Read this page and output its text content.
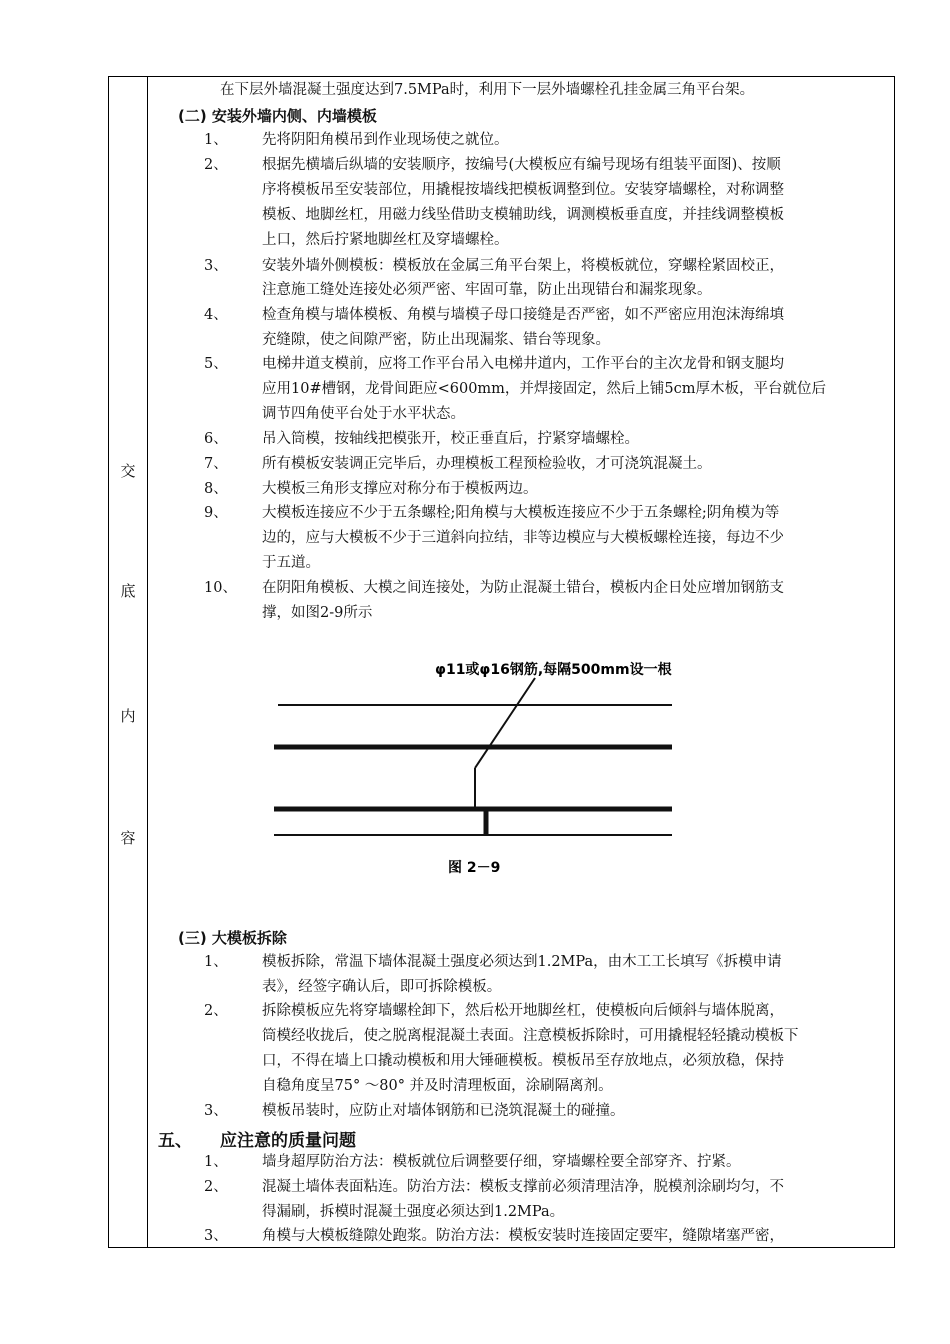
交
底
内
容
在下层外墙混凝土强度达到7.5MPa时，利用下一层外墙螺栓孔挂金属三角平台架。
(二) 安装外墙内侧、内墙模板
1、 先将阴阳角模吊到作业现场使之就位。
2、 根据先横墙后纵墙的安装顺序，按编号(大模板应有编号现场有组装平面图)、按顺
序将模板吊至安装部位，用撬棍按墙线把模板调整到位。安装穿墙螺栓，对称调整
模板、地脚丝杠，用磁力线坠借助支模辅助线，调测模板垂直度，并挂线调整模板
上口，然后拧紧地脚丝杠及穿墙螺栓。
3、 安装外墙外侧模板：模板放在金属三角平台架上，将模板就位，穿螺栓紧固校正，
注意施工缝处连接处必须严密、牢固可靠，防止出现错台和漏浆现象。
4、 检查角模与墙体模板、角模与墙模子母口接缝是否严密，如不严密应用泡沫海绵填
充缝隙，使之间隙严密，防止出现漏浆、错台等现象。
5、 电梯井道支模前，应将工作平台吊入电梯井道内，工作平台的主次龙骨和钢支腿均
应用10#槽钢，龙骨间距应<600mm，并焊接固定，然后上铺5cm厚木板，平台就位后
调节四角使平台处于水平状态。
6、 吊入筒模，按轴线把模张开，校正垂直后，拧紧穿墙螺栓。
7、 所有模板安装调正完毕后，办理模板工程预检验收，才可浇筑混凝土。
8、 大模板三角形支撑应对称分布于模板两边。
9、 大模板连接应不少于五条螺栓;阳角模与大模板连接应不少于五条螺栓;阴角模为等
边的，应与大模板不少于三道斜向拉结，非等边模应与大模板螺栓连接，每边不少
于五道。
10、 在阴阳角模板、大模之间连接处，为防止混凝土错台，模板内企日处应增加钢筋支
撑，如图2-9所示
φ11或φ16钢筋,每隔500mm设一根
图 2－9
(三) 大模板拆除
1、 模板拆除，常温下墙体混凝土强度必须达到1.2MPa，由木工工长填写《拆模申请
表》，经签字确认后，即可拆除模板。
2、 拆除模板应先将穿墙螺栓卸下，然后松开地脚丝杠，使模板向后倾斜与墙体脱离，
筒模经收拢后，使之脱离棍混凝土表面。注意模板拆除时，可用撬棍轻轻撬动模板下
口，不得在墙上口撬动模板和用大锤砸模板。模板吊至存放地点，必须放稳，保持
自稳角度呈75° ～80° 并及时清理板面，涂刷隔离剂。
3、 模板吊装时，应防止对墙体钢筋和已浇筑混凝土的碰撞。
五、 应注意的质量问题
1、 墙身超厚防治方法：模板就位后调整要仔细，穿墙螺栓要全部穿齐、拧紧。
2、 混凝土墙体表面粘连。防治方法：模板支撑前必须清理洁净，脱模剂涂刷均匀，不
得漏刷，拆模时混凝土强度必须达到1.2MPa。
3、 角模与大模板缝隙处跑浆。防治方法：模板安装时连接固定要牢，缝隙堵塞严密，
